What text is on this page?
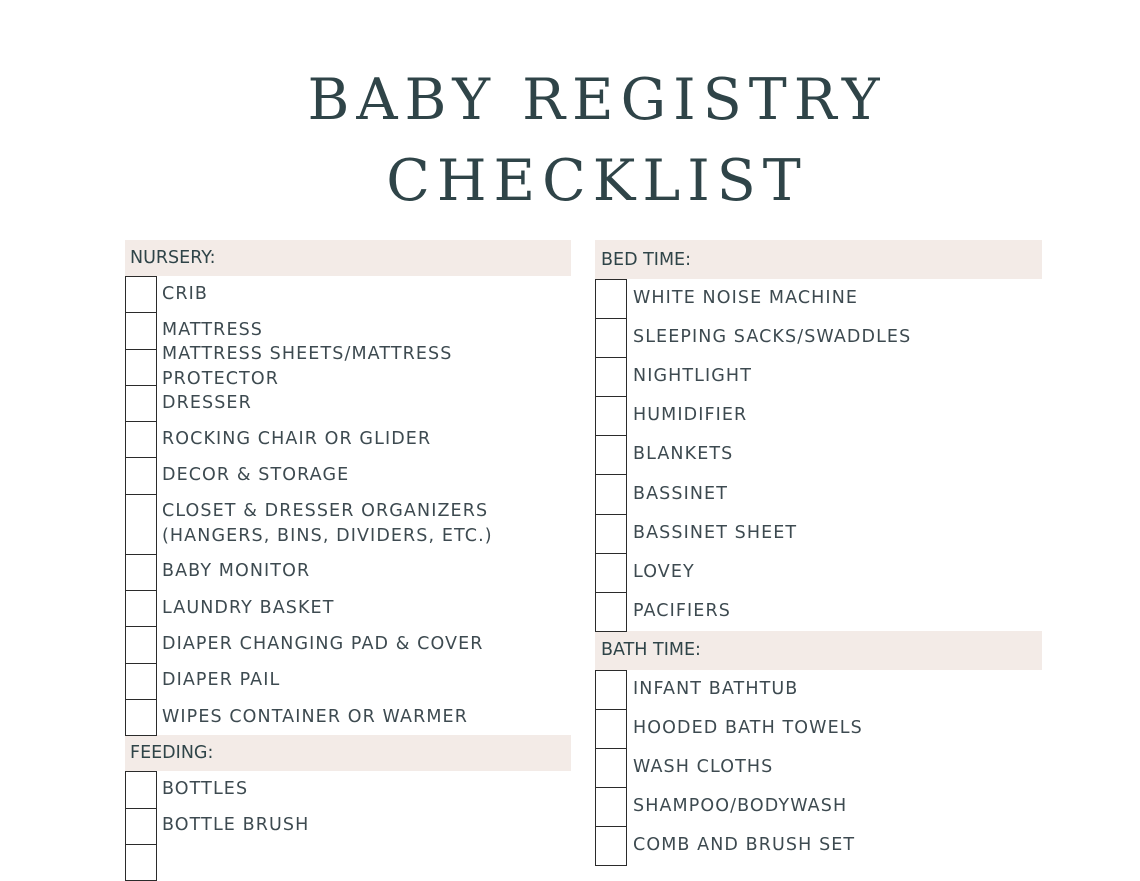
BABY REGISTRY
CHECKLIST
NURSERY:
CRIB
MATTRESS
MATTRESS SHEETS/MATTRESS PROTECTOR
DRESSER
ROCKING CHAIR OR GLIDER
DECOR & STORAGE
CLOSET & DRESSER ORGANIZERS (HANGERS, BINS, DIVIDERS, ETC.)
BABY MONITOR
LAUNDRY BASKET
DIAPER CHANGING PAD & COVER
DIAPER PAIL
WIPES CONTAINER OR WARMER
FEEDING:
BOTTLES
BOTTLE BRUSH
BED TIME:
WHITE NOISE MACHINE
SLEEPING SACKS/SWADDLES
NIGHTLIGHT
HUMIDIFIER
BLANKETS
BASSINET
BASSINET SHEET
LOVEY
PACIFIERS
BATH TIME:
INFANT BATHTUB
HOODED BATH TOWELS
WASH CLOTHS
SHAMPOO/BODYWASH
COMB AND BRUSH SET
